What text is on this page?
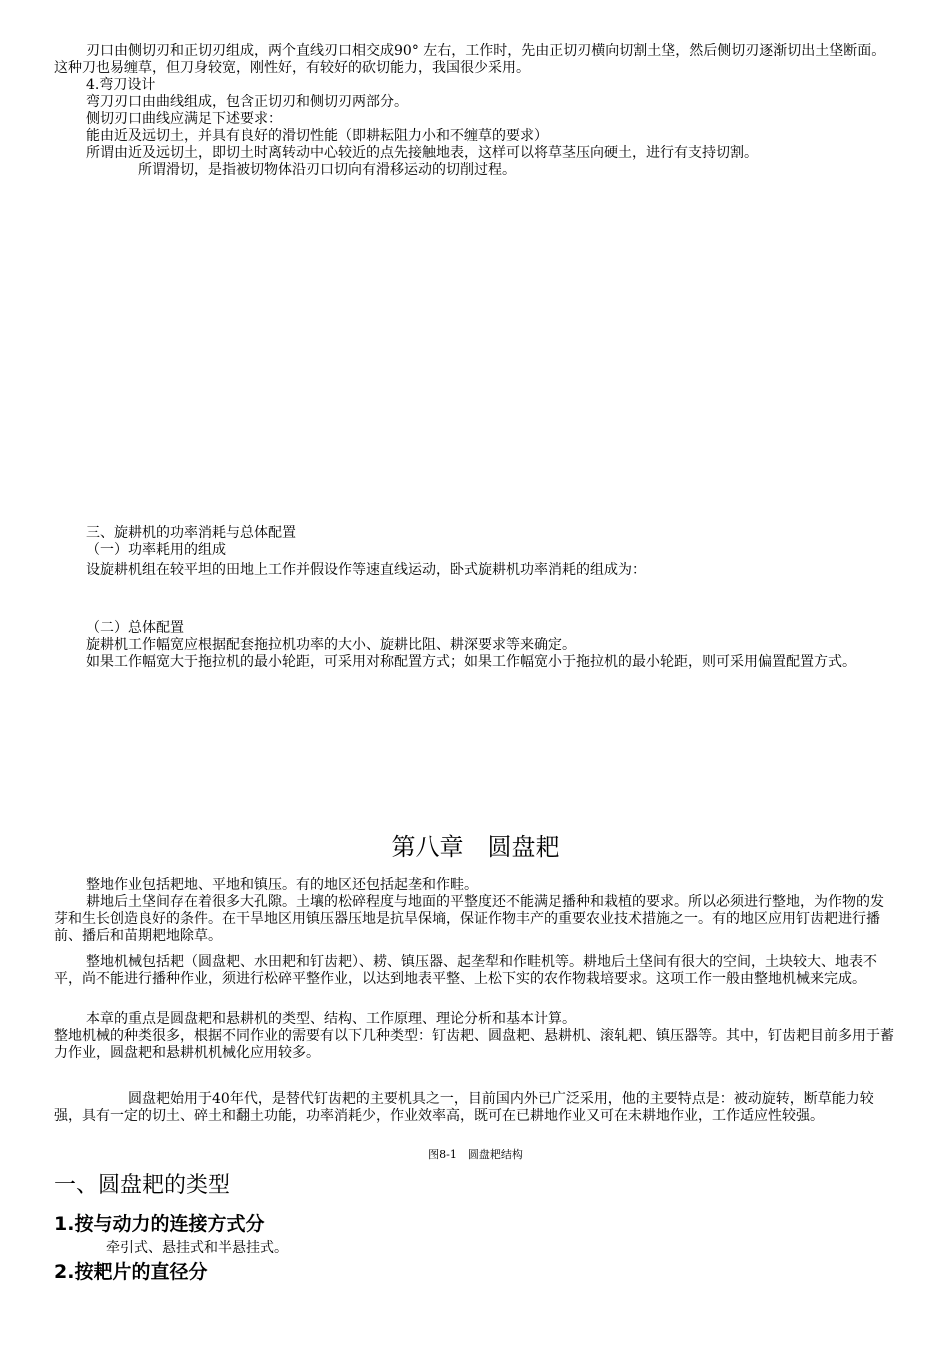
刃口由侧切刃和正切刃组成，两个直线刃口相交成90° 左右，工作时，先由正切刃横向切割土垡，然后侧切刃逐渐切出土垡断面。这种刀也易缠草，但刀身较宽，刚性好，有较好的砍切能力，我国很少采用。

4.弯刀设计

弯刀刃口由曲线组成，包含正切刃和侧切刃两部分。

侧切刃口曲线应满足下述要求：

能由近及远切土，并具有良好的滑切性能（即耕耘阻力小和不缠草的要求）

所谓由近及远切土，即切土时离转动中心较近的点先接触地表，这样可以将草茎压向硬土，进行有支持切割。

所谓滑切，是指被切物体沿刃口切向有滑移运动的切削过程。

三、旋耕机的功率消耗与总体配置

（一）功率耗用的组成

设旋耕机组在较平坦的田地上工作并假设作等速直线运动，卧式旋耕机功率消耗的组成为：

（二）总体配置

旋耕机工作幅宽应根据配套拖拉机功率的大小、旋耕比阻、耕深要求等来确定。

如果工作幅宽大于拖拉机的最小轮距，可采用对称配置方式；如果工作幅宽小于拖拉机的最小轮距，则可采用偏置配置方式。

第八章　圆盘耙

整地作业包括耙地、平地和镇压。有的地区还包括起垄和作畦。

耕地后土垡间存在着很多大孔隙。土壤的松碎程度与地面的平整度还不能满足播种和栽植的要求。所以必须进行整地，为作物的发芽和生长创造良好的条件。在干旱地区用镇压器压地是抗旱保墒，保证作物丰产的重要农业技术措施之一。有的地区应用钉齿耙进行播前、播后和苗期耙地除草。

整地机械包括耙（圆盘耙、水田耙和钉齿耙）、耢、镇压器、起垄犁和作畦机等。耕地后土垡间有很大的空间，土块较大、地表不平，尚不能进行播种作业，须进行松碎平整作业，以达到地表平整、上松下实的农作物栽培要求。这项工作一般由整地机械来完成。

本章的重点是圆盘耙和悬耕机的类型、结构、工作原理、理论分析和基本计算。

整地机械的种类很多，根据不同作业的需要有以下几种类型：钉齿耙、圆盘耙、悬耕机、滚轧耙、镇压器等。其中，钉齿耙目前多用于蓄力作业，圆盘耙和悬耕机机械化应用较多。

圆盘耙始用于40年代，是替代钉齿耙的主要机具之一，目前国内外已广泛采用，他的主要特点是：被动旋转，断草能力较强，具有一定的切土、碎土和翻土功能，功率消耗少，作业效率高，既可在已耕地作业又可在未耕地作业，工作适应性较强。

图8-1　圆盘耙结构

一、圆盘耙的类型
1.按与动力的连接方式分

牵引式、悬挂式和半悬挂式。

2.按耙片的直径分
